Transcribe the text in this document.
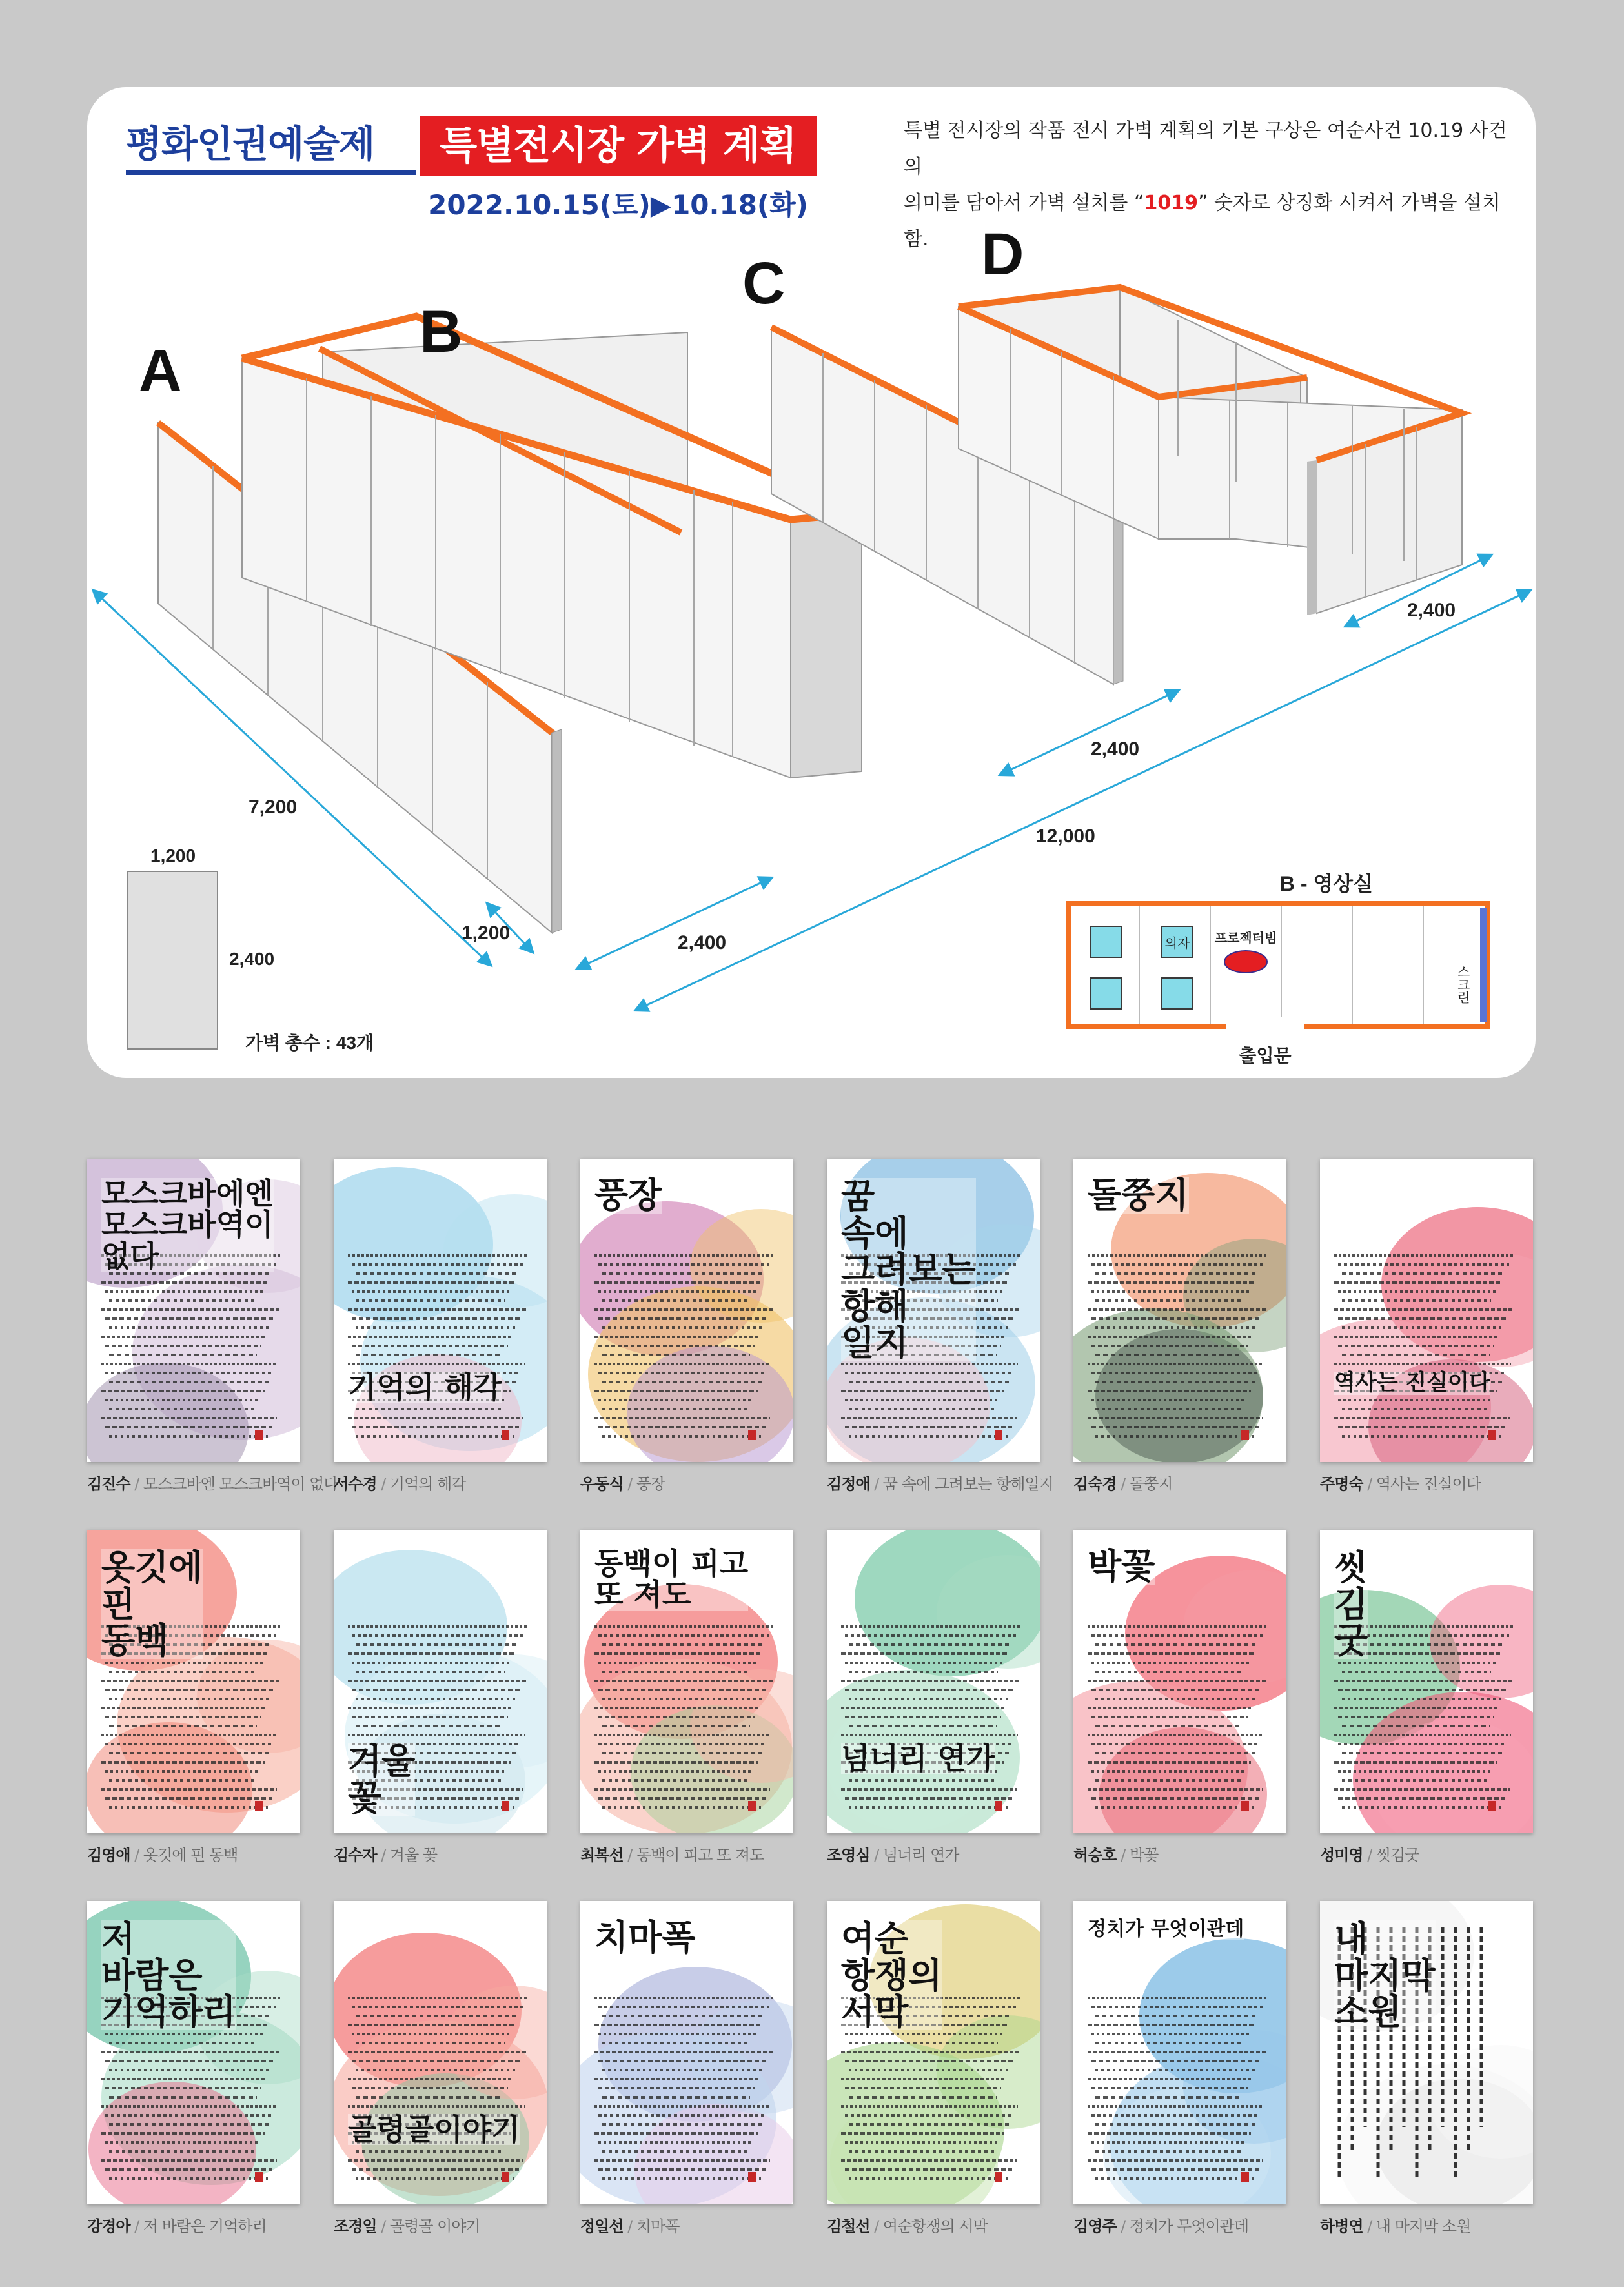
A
B
C	D
7,200
1,200	2,400
12,000
2,400
2,400
1,200
2,400
가벽 총수 : 43개
B - 영상실
의자 프로젝터빔
스크린
출입문
평화인권예술제	특별전시장 가벽 계획
2022.10.15(토)▶10.18(화)
특별 전시장의 작품 전시 가벽 계획의 기본 구상은 여순사건 10.19 사건의
의미를 담아서 가벽 설치를 “1019” 숫자로 상징화 시켜서 가벽을 설치함.
모스크바에엔
모스크바역이
없다
김진수 / 모스크바엔 모스크바역이 없다
기억의 해각
서수경 / 기억의 해각
풍장
우동식 / 풍장
꿈
속에
그려보는
항해
일지
김정애 / 꿈 속에 그려보는 항해일지
돌쭝지
김숙경 / 돌쭝지
역사는 진실이다
주명숙 / 역사는 진실이다
옷깃에
핀
동백
김영애 / 옷깃에 핀 동백
겨울
꽃
김수자 / 겨울 꽃
동백이 피고
또 져도
최복선 / 동백이 피고 또 져도
넘너리 연가
조영심 / 넘너리 연가
박꽃
허승호 / 박꽃
씻
김
굿
성미영 / 씻김굿
저
바람은
기억하리
강경아 / 저 바람은 기억하리
골령골이야기
조경일 / 골령골 이야기
치마폭
정일선 / 치마폭
여순
항쟁의
서막
김철선 / 여순항쟁의 서막
정치가 무엇이관데
김영주 / 정치가 무엇이관데
내
마지막
소원
하병연 / 내 마지막 소원
